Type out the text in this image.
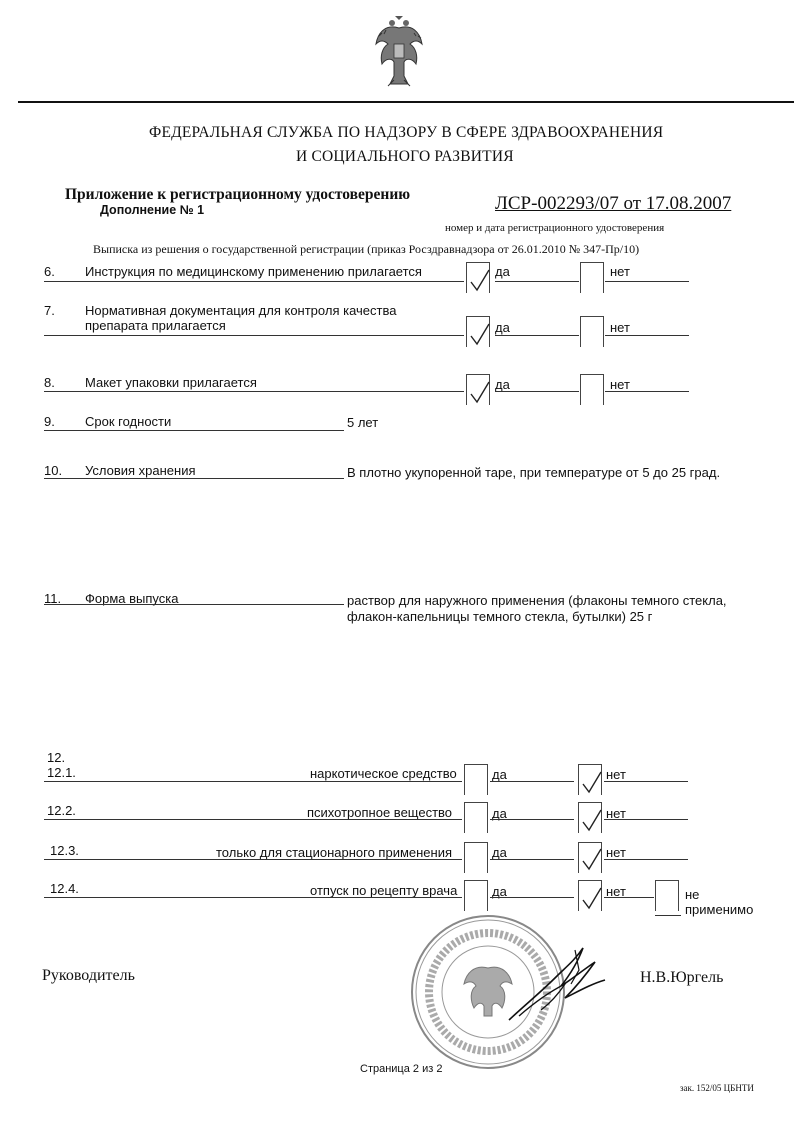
ФЕДЕРАЛЬНАЯ СЛУЖБА ПО НАДЗОРУ В СФЕРЕ ЗДРАВООХРАНЕНИЯ
И СОЦИАЛЬНОГО РАЗВИТИЯ
Приложение к регистрационному удостоверению
Дополнение № 1	ЛСР-002293/07 от 17.08.2007
номер и дата регистрационного удостоверения
Выписка из решения о государственной регистрации (приказ Росздравнадзора от 26.01.2010 № 347-Пр/10)
6. Инструкция по медицинскому применению прилагается	да	нет
7. Нормативная документация для контроля качества
препарата прилагается	да	нет
8. Макет упаковки прилагается	да	нет
9. Срок годности	5 лет
10. Условия хранения	В плотно укупоренной таре, при температуре от 5 до 25 град.
11. Форма выпуска	раствор для наружного применения (флаконы темного стекла,
флакон-капельницы темного стекла, бутылки) 25 г
12.
12.1.	наркотическое средство	да	нет
12.2.	психотропное вещество	да	нет
12.3.	только для стационарного применения	да	нет
12.4.	отпуск по рецепту врача	да	нет	не
применимо
Руководитель	Н.В.Юргель
Страница 2 из 2
зак. 152/05 ЦБНТИ
